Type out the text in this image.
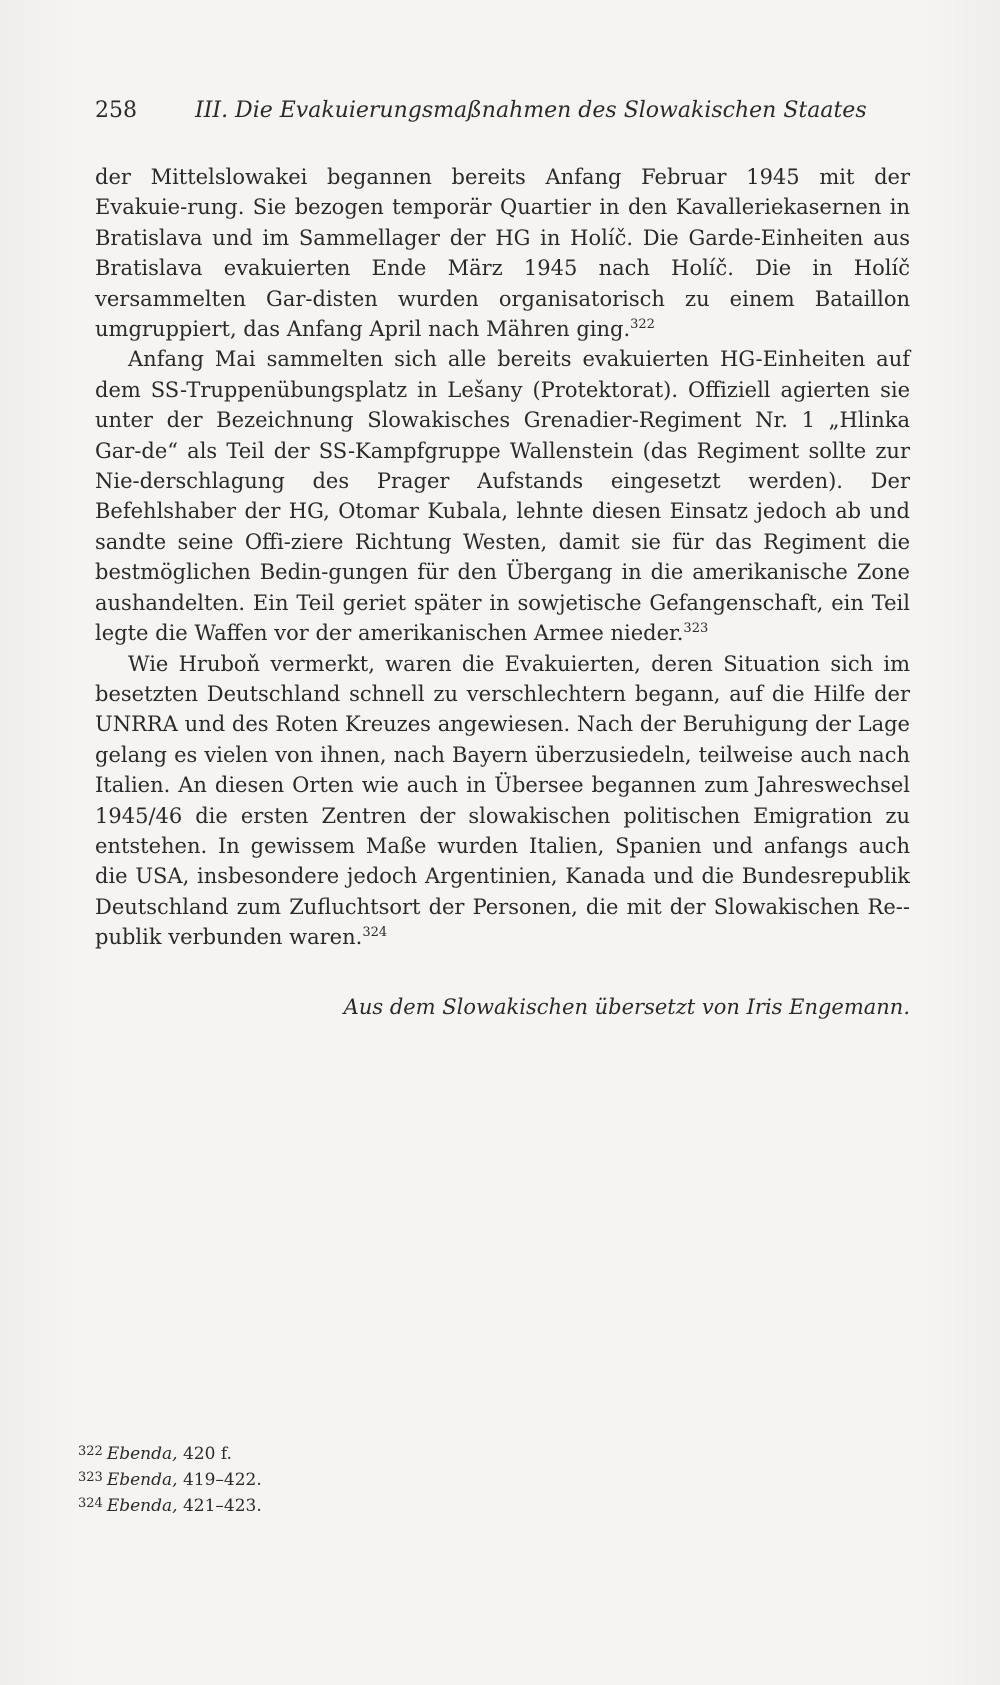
258	III. Die Evakuierungsmaßnahmen des Slowakischen Staates

der Mittelslowakei begannen bereits Anfang Februar 1945 mit der Evakuie-rung. Sie bezogen temporär Quartier in den Kavalleriekasernen in Bratislava und im Sammellager der HG in Holíč. Die Garde-Einheiten aus Bratislava evakuierten Ende März 1945 nach Holíč. Die in Holíč versammelten Gar-disten wurden organisatorisch zu einem Bataillon umgruppiert, das Anfang April nach Mähren ging.$^{322}$

Anfang Mai sammelten sich alle bereits evakuierten HG-Einheiten auf dem SS-Truppenübungsplatz in Lešany (Protektorat). Offiziell agierten sie unter der Bezeichnung Slowakisches Grenadier-Regiment Nr. 1 „Hlinka Gar-de“ als Teil der SS-Kampfgruppe Wallenstein (das Regiment sollte zur Nie-derschlagung des Prager Aufstands eingesetzt werden). Der Befehlshaber der HG, Otomar Kubala, lehnte diesen Einsatz jedoch ab und sandte seine Offi-ziere Richtung Westen, damit sie für das Regiment die bestmöglichen Bedin-gungen für den Übergang in die amerikanische Zone aushandelten. Ein Teil geriet später in sowjetische Gefangenschaft, ein Teil legte die Waffen vor der amerikanischen Armee nieder.$^{323}$

Wie Hruboň vermerkt, waren die Evakuierten, deren Situation sich im besetzten Deutschland schnell zu verschlechtern begann, auf die Hilfe der UNRRA und des Roten Kreuzes angewiesen. Nach der Beruhigung der Lage gelang es vielen von ihnen, nach Bayern überzusiedeln, teilweise auch nach Italien. An diesen Orten wie auch in Übersee begannen zum Jahreswechsel 1945/46 die ersten Zentren der slowakischen politischen Emigration zu entstehen. In gewissem Maße wurden Italien, Spanien und anfangs auch die USA, insbesondere jedoch Argentinien, Kanada und die Bundesrepublik Deutschland zum Zufluchtsort der Personen, die mit der Slowakischen Re-publik verbunden waren.$^{324}$

Aus dem Slowakischen übersetzt von Iris Engemann.
$^{322}$ Ebenda, 420 f.
$^{323}$ Ebenda, 419–422.
$^{324}$ Ebenda, 421–423.
